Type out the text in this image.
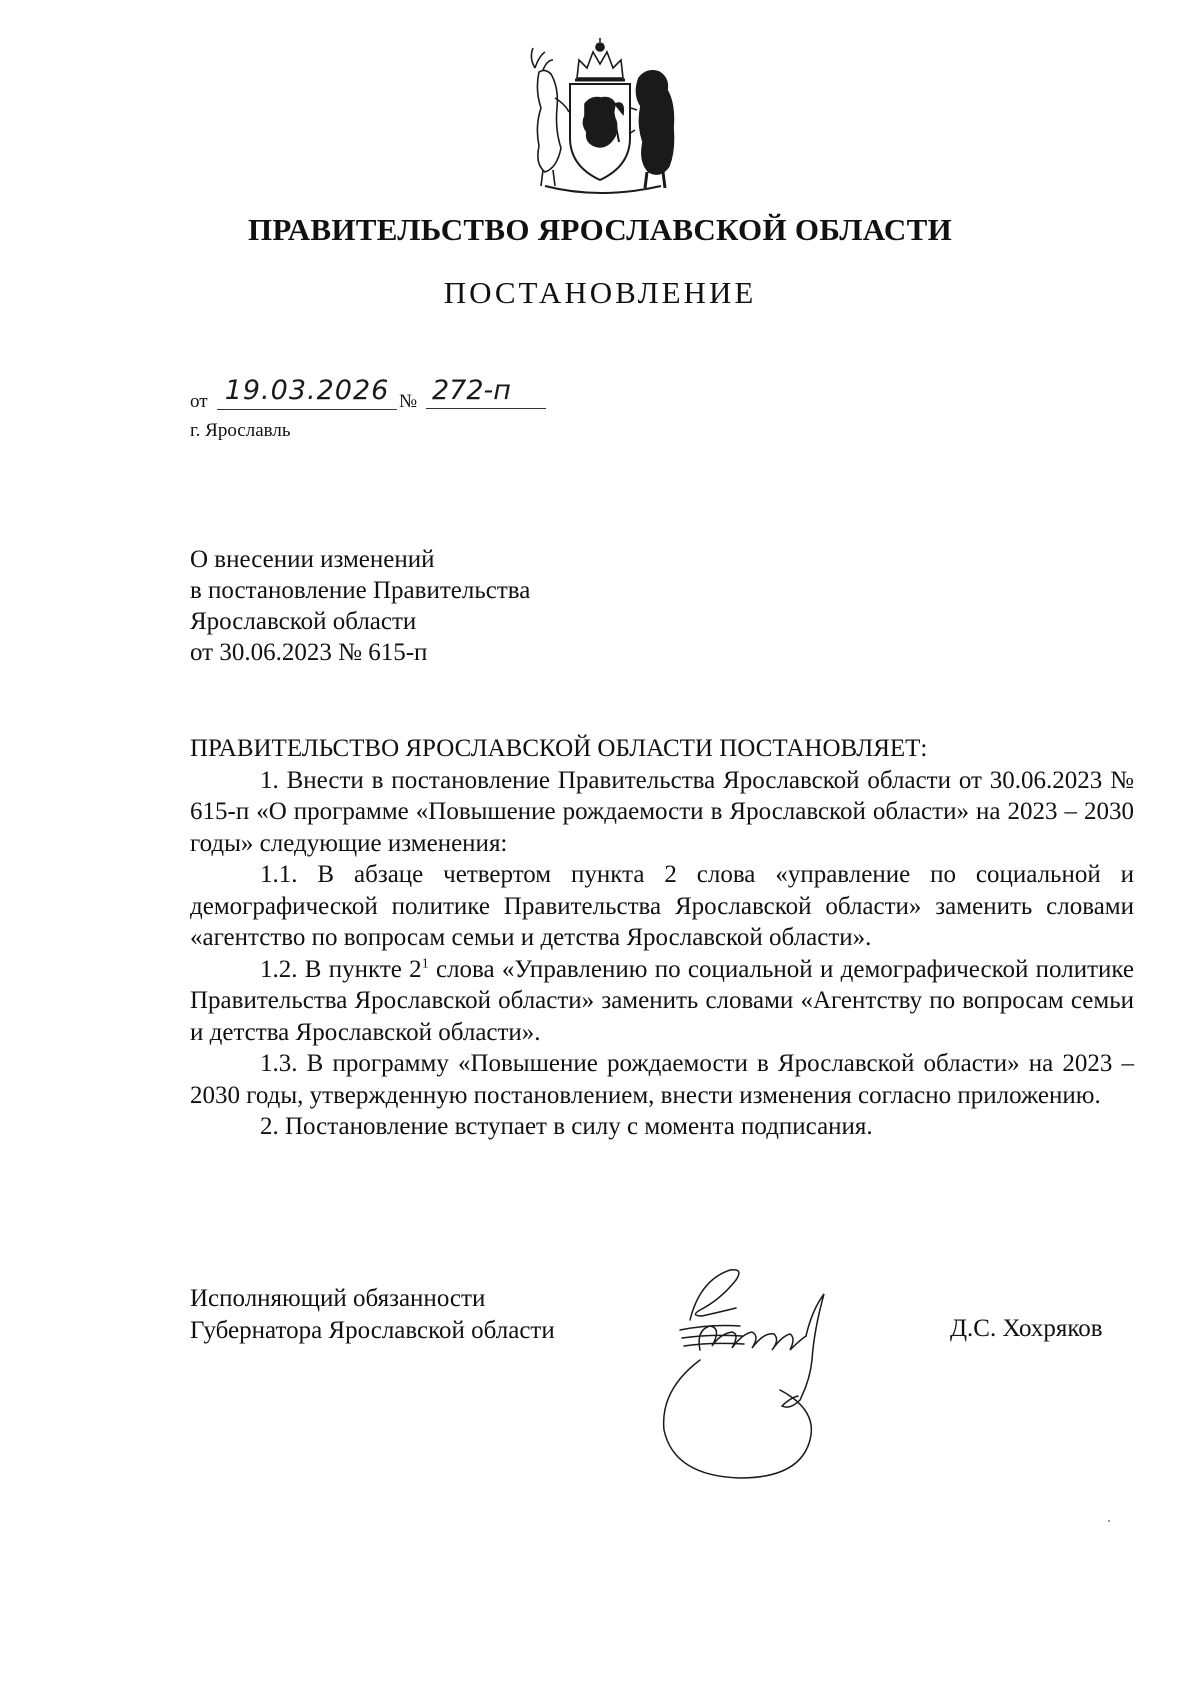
ПРАВИТЕЛЬСТВО ЯРОСЛАВСКОЙ ОБЛАСТИ
ПОСТАНОВЛЕНИЕ
от 19.03.2026 № 272-п
г. Ярославль
О внесении изменений
в постановление Правительства
Ярославской области
от 30.06.2023 № 615-п

ПРАВИТЕЛЬСТВО ЯРОСЛАВСКОЙ ОБЛАСТИ ПОСТАНОВЛЯЕТ:

1. Внести в постановление Правительства Ярославской области от 30.06.2023 № 615-п «О программе «Повышение рождаемости в Ярославской области» на 2023 – 2030 годы» следующие изменения:

1.1. В абзаце четвертом пункта 2 слова «управление по социальной и демографической политике Правительства Ярославской области» заменить словами «агентство по вопросам семьи и детства Ярославской области».

1.2. В пункте $2^1$ слова «Управлению по социальной и демографической политике Правительства Ярославской области» заменить словами «Агентству по вопросам семьи и детства Ярославской области».

1.3. В программу «Повышение рождаемости в Ярославской области» на 2023 – 2030 годы, утвержденную постановлением, внести изменения согласно приложению.

2. Постановление вступает в силу с момента подписания.

Исполняющий обязанности
Губернатора Ярославской области	Д.С. Хохряков
